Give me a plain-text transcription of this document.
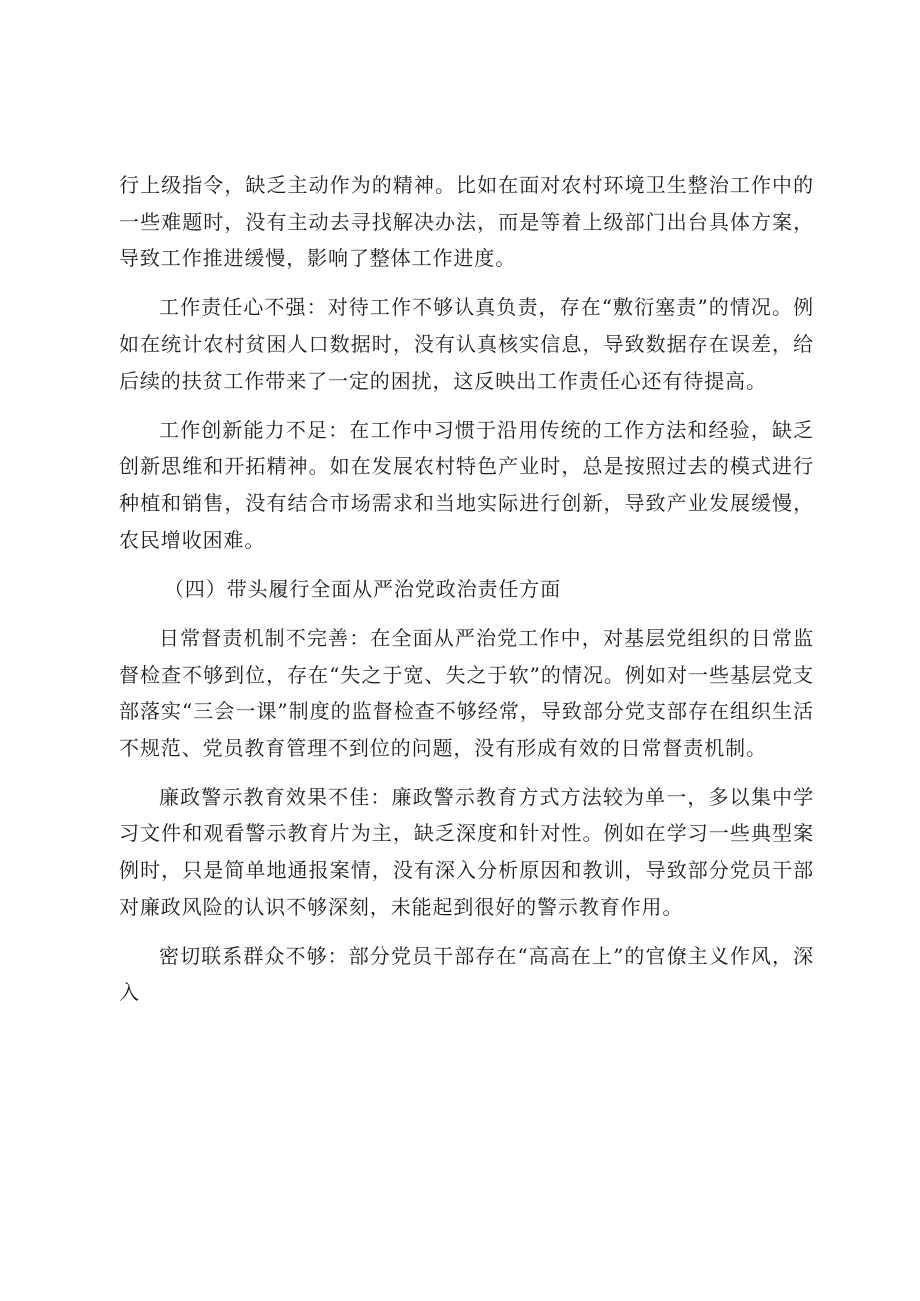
行上级指令，缺乏主动作为的精神。比如在面对农村环境卫生整治工作中的一些难题时，没有主动去寻找解决办法，而是等着上级部门出台具体方案，导致工作推进缓慢，影响了整体工作进度。

工作责任心不强：对待工作不够认真负责，存在“敷衍塞责”的情况。例如在统计农村贫困人口数据时，没有认真核实信息，导致数据存在误差，给后续的扶贫工作带来了一定的困扰，这反映出工作责任心还有待提高。

工作创新能力不足：在工作中习惯于沿用传统的工作方法和经验，缺乏创新思维和开拓精神。如在发展农村特色产业时，总是按照过去的模式进行种植和销售，没有结合市场需求和当地实际进行创新，导致产业发展缓慢，农民增收困难。

（四）带头履行全面从严治党政治责任方面

日常督责机制不完善：在全面从严治党工作中，对基层党组织的日常监督检查不够到位，存在“失之于宽、失之于软”的情况。例如对一些基层党支部落实“三会一课”制度的监督检查不够经常，导致部分党支部存在组织生活不规范、党员教育管理不到位的问题，没有形成有效的日常督责机制。

廉政警示教育效果不佳：廉政警示教育方式方法较为单一，多以集中学习文件和观看警示教育片为主，缺乏深度和针对性。例如在学习一些典型案例时，只是简单地通报案情，没有深入分析原因和教训，导致部分党员干部对廉政风险的认识不够深刻，未能起到很好的警示教育作用。

密切联系群众不够：部分党员干部存在“高高在上”的官僚主义作风，深入
